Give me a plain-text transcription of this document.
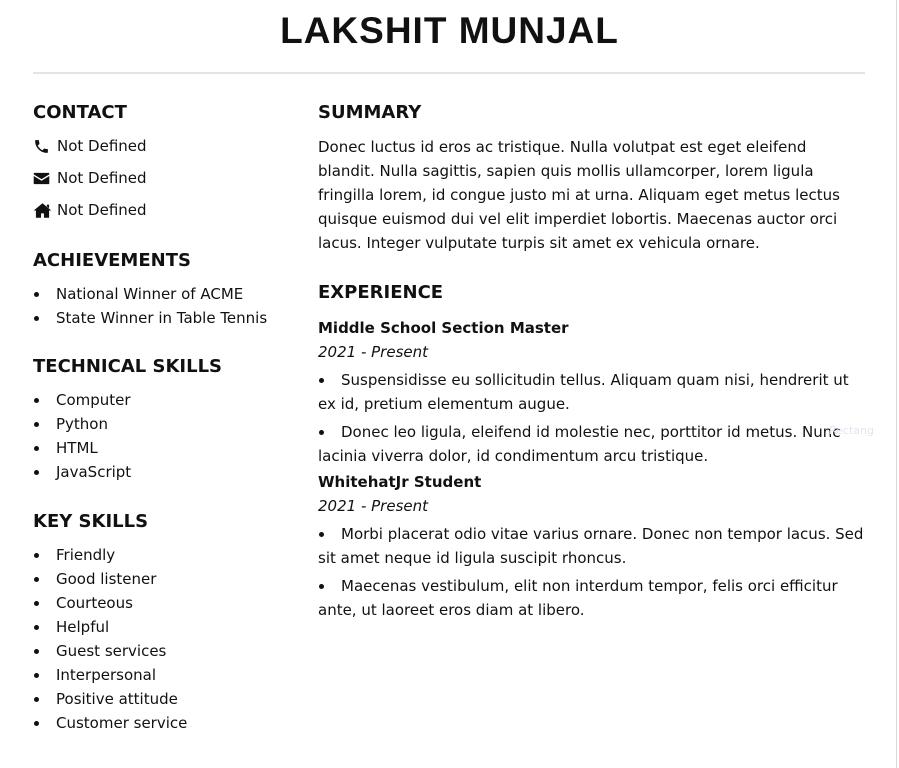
LAKSHIT MUNJAL
CONTACT
Not Defined
Not Defined
Not Defined
ACHIEVEMENTS
National Winner of ACME
State Winner in Table Tennis
TECHNICAL SKILLS
Computer
Python
HTML
JavaScript
KEY SKILLS
Friendly
Good listener
Courteous
Helpful
Guest services
Interpersonal
Positive attitude
Customer service
SUMMARY

Donec luctus id eros ac tristique. Nulla volutpat est eget eleifend blandit. Nulla sagittis, sapien quis mollis ullamcorper, lorem ligula fringilla lorem, id congue justo mi at urna. Aliquam eget metus lectus quisque euismod dui vel elit imperdiet lobortis. Maecenas auctor orci lacus. Integer vulputate turpis sit amet ex vehicula ornare.

EXPERIENCE

Middle School Section Master

2021 - Present

Suspensidisse eu sollicitudin tellus. Aliquam quam nisi, hendrerit ut ex id, pretium elementum augue.
Donec leo ligula, eleifend id molestie nec, porttitor id metus. Nunc lacinia viverra dolor, id condimentum arcu tristique.

WhitehatJr Student

2021 - Present

Morbi placerat odio vitae varius ornare. Donec non tempor lacus. Sed sit amet neque id ligula suscipit rhoncus.
Maecenas vestibulum, elit non interdum tempor, felis orci efficitur ante, ut laoreet eros diam at libero.
Rectang
